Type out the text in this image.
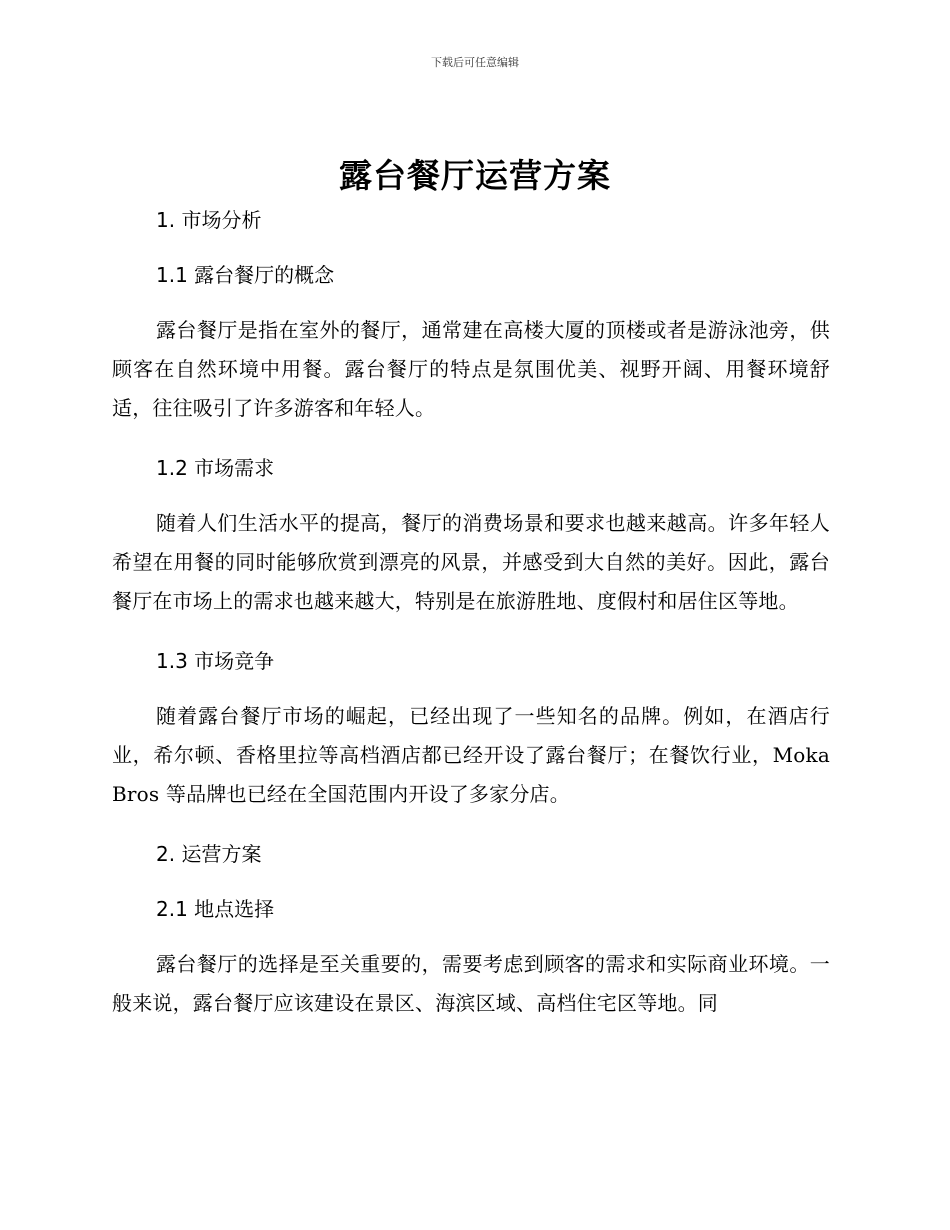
下载后可任意编辑
露台餐厅运营方案
1. 市场分析
1.1 露台餐厅的概念

露台餐厅是指在室外的餐厅，通常建在高楼大厦的顶楼或者是游泳池旁，供顾客在自然环境中用餐。露台餐厅的特点是氛围优美、视野开阔、用餐环境舒适，往往吸引了许多游客和年轻人。

1.2 市场需求

随着人们生活水平的提高，餐厅的消费场景和要求也越来越高。许多年轻人希望在用餐的同时能够欣赏到漂亮的风景，并感受到大自然的美好。因此，露台餐厅在市场上的需求也越来越大，特别是在旅游胜地、度假村和居住区等地。

1.3 市场竞争

随着露台餐厅市场的崛起，已经出现了一些知名的品牌。例如，在酒店行业，希尔顿、香格里拉等高档酒店都已经开设了露台餐厅；在餐饮行业，Moka Bros 等品牌也已经在全国范围内开设了多家分店。

2. 运营方案
2.1 地点选择

露台餐厅的选择是至关重要的，需要考虑到顾客的需求和实际商业环境。一般来说，露台餐厅应该建设在景区、海滨区域、高档住宅区等地。同
